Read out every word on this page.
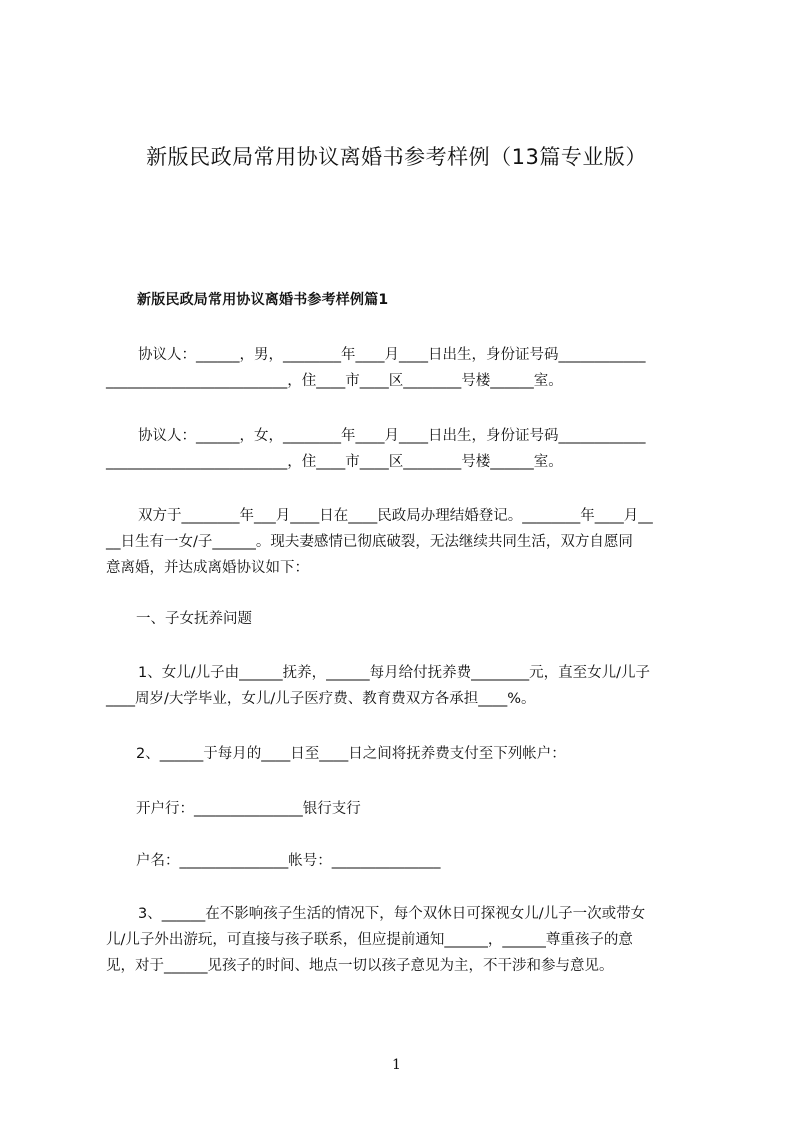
新版民政局常用协议离婚书参考样例（13篇专业版）
新版民政局常用协议离婚书参考样例篇1
协议人：______，男，________年____月____日出生，身份证号码____________
_________________________，住____市____区________号楼______室。
协议人：______，女，________年____月____日出生，身份证号码____________
_________________________，住____市____区________号楼______室。
双方于________年___月____日在____民政局办理结婚登记。________年____月__
__日生有一女/子______。现夫妻感情已彻底破裂，无法继续共同生活，双方自愿同
意离婚，并达成离婚协议如下：
一、子女抚养问题
1、女儿/儿子由______抚养，______每月给付抚养费________元，直至女儿/儿子
____周岁/大学毕业，女儿/儿子医疗费、教育费双方各承担____%。
2、______于每月的____日至____日之间将抚养费支付至下列帐户：
开户行：_______________银行支行
户名：_______________帐号：_______________
3、______在不影响孩子生活的情况下，每个双休日可探视女儿/儿子一次或带女
儿/儿子外出游玩，可直接与孩子联系，但应提前通知______，______尊重孩子的意
见，对于______见孩子的时间、地点一切以孩子意见为主，不干涉和参与意见。
1
